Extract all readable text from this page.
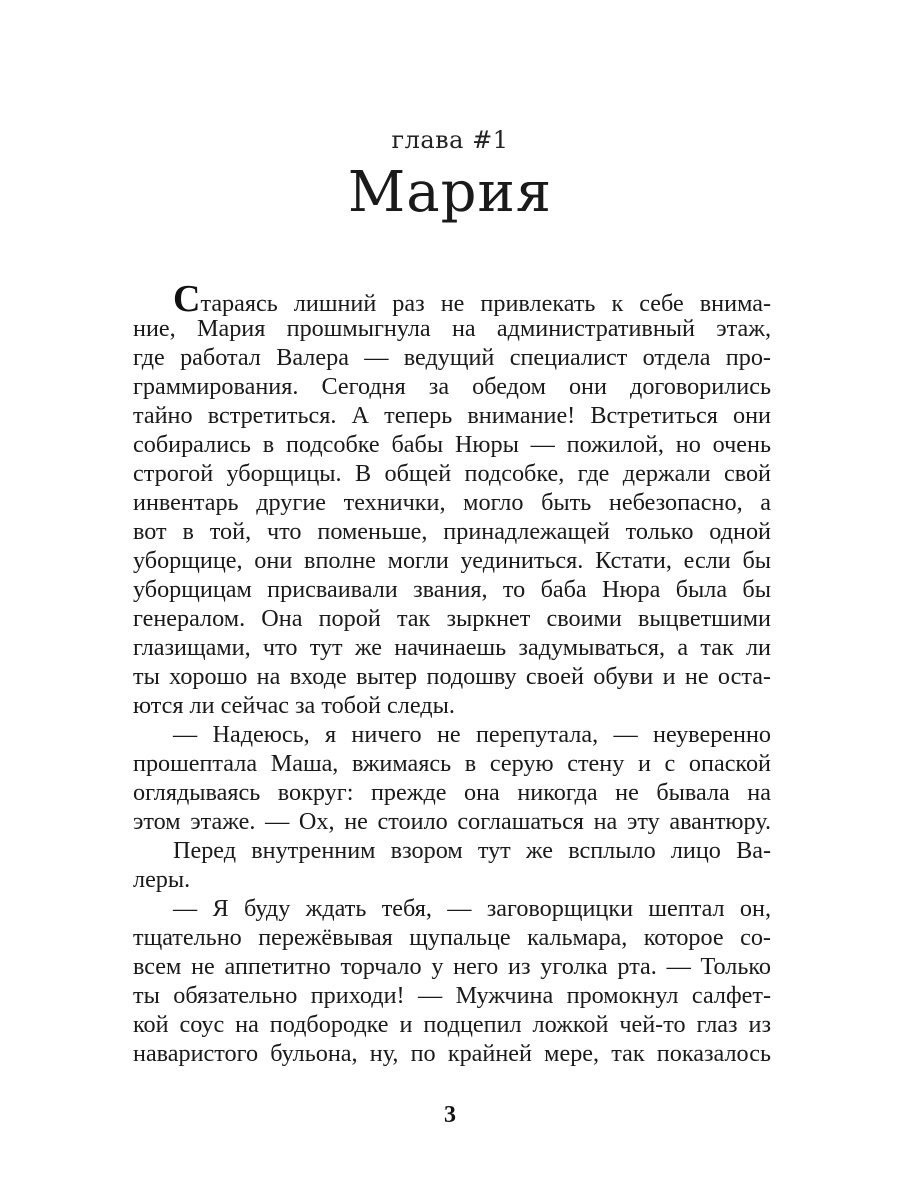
глава #1
Мария
Стараясь лишний раз не привлекать к себе внима-
ние, Мария прошмыгнула на административный этаж,
где работал Валера — ведущий специалист отдела про-
граммирования. Сегодня за обедом они договорились
тайно встретиться. А теперь внимание! Встретиться они
собирались в подсобке бабы Нюры — пожилой, но очень
строгой уборщицы. В общей подсобке, где держали свой
инвентарь другие технички, могло быть небезопасно, а
вот в той, что поменьше, принадлежащей только одной
уборщице, они вполне могли уединиться. Кстати, если бы
уборщицам присваивали звания, то баба Нюра была бы
генералом. Она порой так зыркнет своими выцветшими
глазищами, что тут же начинаешь задумываться, а так ли
ты хорошо на входе вытер подошву своей обуви и не оста-
ются ли сейчас за тобой следы.
— Надеюсь, я ничего не перепутала, — неуверенно
прошептала Маша, вжимаясь в серую стену и с опаской
оглядываясь вокруг: прежде она никогда не бывала на
этом этаже. — Ох, не стоило соглашаться на эту авантюру.
Перед внутренним взором тут же всплыло лицо Ва-
леры.
— Я буду ждать тебя, — заговорщицки шептал он,
тщательно пережёвывая щупальце кальмара, которое со-
всем не аппетитно торчало у него из уголка рта. — Только
ты обязательно приходи! — Мужчина промокнул салфет-
кой соус на подбородке и подцепил ложкой чей-то глаз из
наваристого бульона, ну, по крайней мере, так показалось
3
